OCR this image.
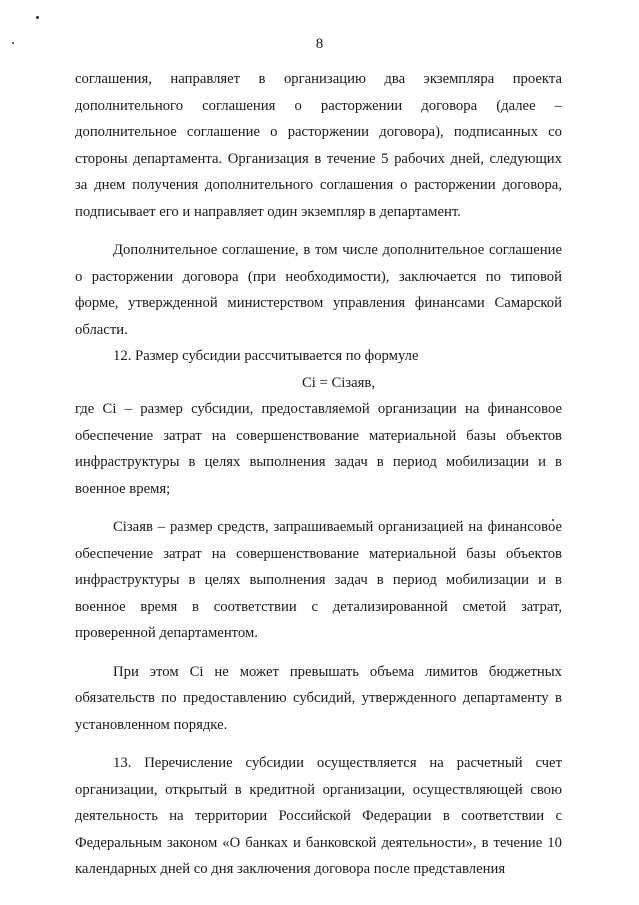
8

соглашения, направляет в организацию два экземпляра проекта дополнительного соглашения о расторжении договора (далее – дополнительное соглашение о расторжении договора), подписанных со стороны департамента. Организация в течение 5 рабочих дней, следующих за днем получения дополнительного соглашения о расторжении договора, подписывает его и направляет один экземпляр в департамент.

Дополнительное соглашение, в том числе дополнительное соглашение о расторжении договора (при необходимости), заключается по типовой форме, утвержденной министерством управления финансами Самарской области.

12. Размер субсидии рассчитывается по формуле

Ci = Ciзаяв,

где Ci – размер субсидии, предоставляемой организации на финансовое обеспечение затрат на совершенствование материальной базы объектов инфраструктуры в целях выполнения задач в период мобилизации и в военное время;

Ciзаяв – размер средств, запрашиваемый организацией на финансовое обеспечение затрат на совершенствование материальной базы объектов инфраструктуры в целях выполнения задач в период мобилизации и в военное время в соответствии с детализированной сметой затрат, проверенной департаментом.

При этом Ci не может превышать объема лимитов бюджетных обязательств по предоставлению субсидий, утвержденного департаменту в установленном порядке.

13. Перечисление субсидии осуществляется на расчетный счет организации, открытый в кредитной организации, осуществляющей свою деятельность на территории Российской Федерации в соответствии с Федеральным законом «О банках и банковской деятельности», в течение 10 календарных дней со дня заключения договора после представления
